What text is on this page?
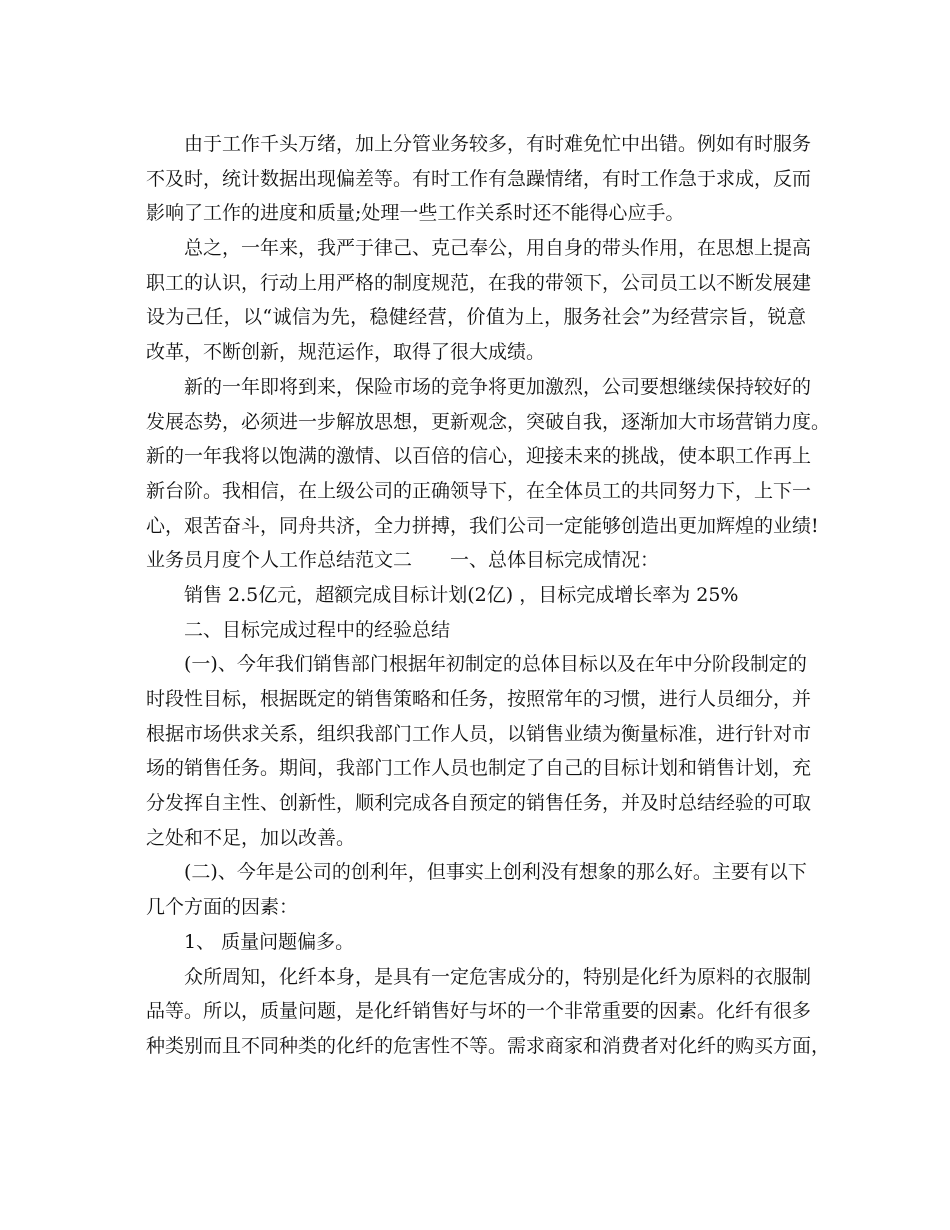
由于工作千头万绪，加上分管业务较多，有时难免忙中出错。例如有时服务
不及时，统计数据出现偏差等。有时工作有急躁情绪，有时工作急于求成，反而
影响了工作的进度和质量;处理一些工作关系时还不能得心应手。
总之，一年来，我严于律己、克己奉公，用自身的带头作用，在思想上提高
职工的认识，行动上用严格的制度规范，在我的带领下，公司员工以不断发展建
设为己任，以“诚信为先，稳健经营，价值为上，服务社会”为经营宗旨，锐意
改革，不断创新，规范运作，取得了很大成绩。
新的一年即将到来，保险市场的竞争将更加激烈，公司要想继续保持较好的
发展态势，必须进一步解放思想，更新观念，突破自我，逐渐加大市场营销力度。
新的一年我将以饱满的激情、以百倍的信心，迎接未来的挑战，使本职工作再上
新台阶。我相信，在上级公司的正确领导下，在全体员工的共同努力下，上下一
心，艰苦奋斗，同舟共济，全力拼搏，我们公司一定能够创造出更加辉煌的业绩!
业务员月度个人工作总结范文二 一、总体目标完成情况：
销售 2.5亿元，超额完成目标计划(2亿) ，目标完成增长率为 25%
二、目标完成过程中的经验总结
(一)、今年我们销售部门根据年初制定的总体目标以及在年中分阶段制定的
时段性目标，根据既定的销售策略和任务，按照常年的习惯，进行人员细分，并
根据市场供求关系，组织我部门工作人员，以销售业绩为衡量标准，进行针对市
场的销售任务。期间，我部门工作人员也制定了自己的目标计划和销售计划，充
分发挥自主性、创新性，顺利完成各自预定的销售任务，并及时总结经验的可取
之处和不足，加以改善。
(二)、今年是公司的创利年，但事实上创利没有想象的那么好。主要有以下
几个方面的因素：
1、 质量问题偏多。
众所周知，化纤本身，是具有一定危害成分的，特别是化纤为原料的衣服制
品等。所以，质量问题，是化纤销售好与坏的一个非常重要的因素。化纤有很多
种类别而且不同种类的化纤的危害性不等。需求商家和消费者对化纤的购买方面，
